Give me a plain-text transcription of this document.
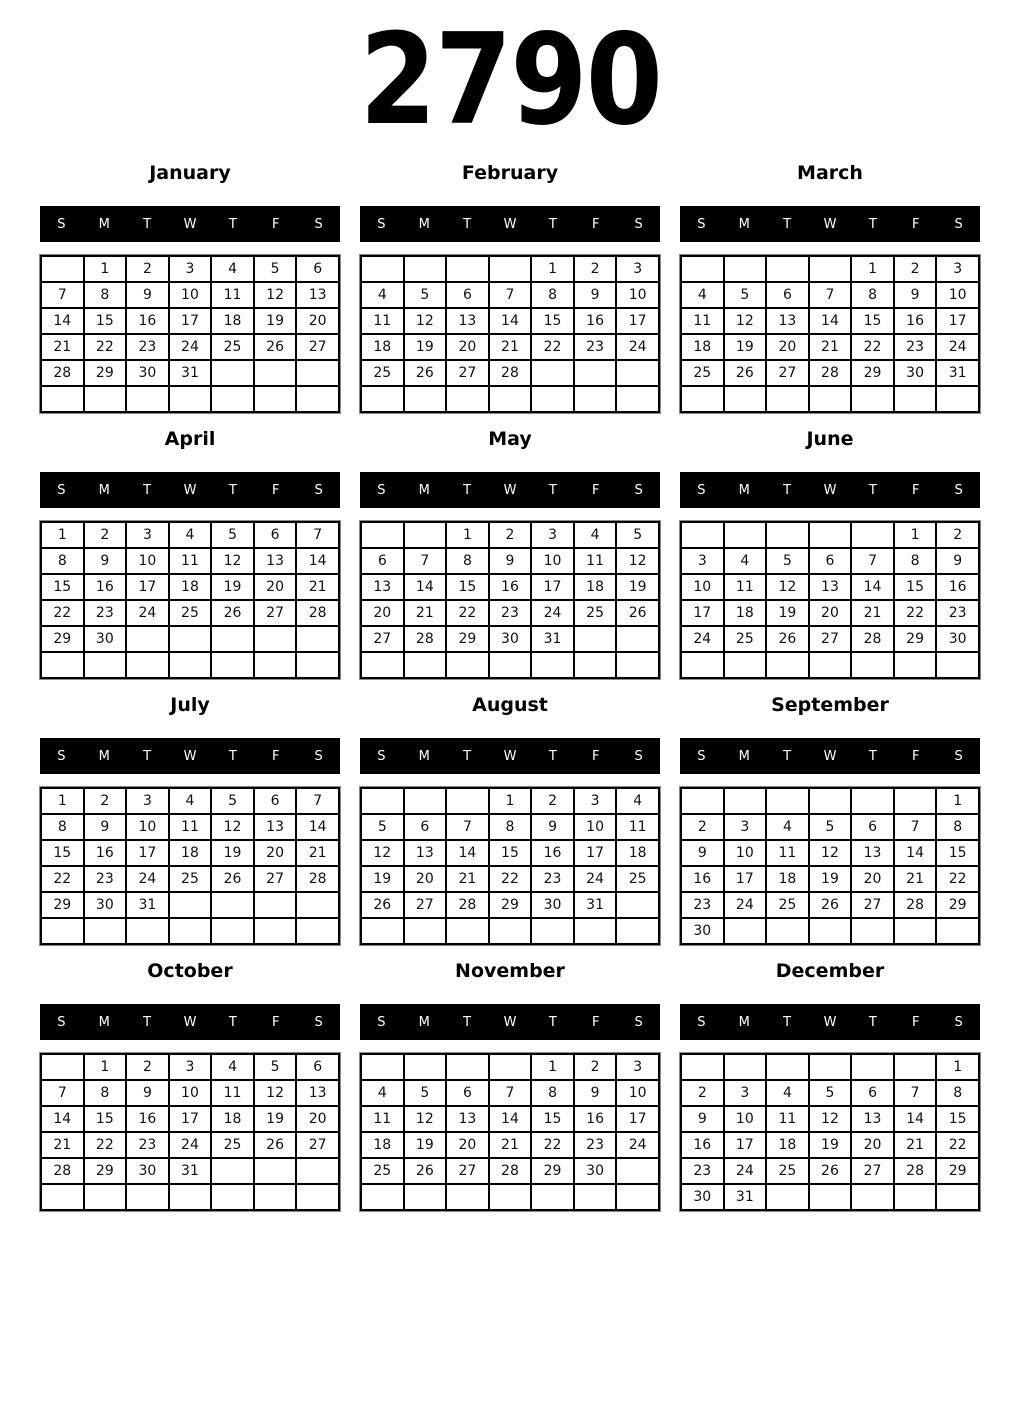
2790
January
S	M	T	W	T	F	S
	1	2	3	4	5	6
7	8	9	10	11	12	13
14	15	16	17	18	19	20
21	22	23	24	25	26	27
28	29	30	31			

February
S	M	T	W	T	F	S
				1	2	3
4	5	6	7	8	9	10
11	12	13	14	15	16	17
18	19	20	21	22	23	24
25	26	27	28			

March
S	M	T	W	T	F	S
				1	2	3
4	5	6	7	8	9	10
11	12	13	14	15	16	17
18	19	20	21	22	23	24
25	26	27	28	29	30	31

April
S	M	T	W	T	F	S
1	2	3	4	5	6	7
8	9	10	11	12	13	14
15	16	17	18	19	20	21
22	23	24	25	26	27	28
29	30					

May
S	M	T	W	T	F	S
		1	2	3	4	5
6	7	8	9	10	11	12
13	14	15	16	17	18	19
20	21	22	23	24	25	26
27	28	29	30	31		

June
S	M	T	W	T	F	S
					1	2
3	4	5	6	7	8	9
10	11	12	13	14	15	16
17	18	19	20	21	22	23
24	25	26	27	28	29	30

July
S	M	T	W	T	F	S
1	2	3	4	5	6	7
8	9	10	11	12	13	14
15	16	17	18	19	20	21
22	23	24	25	26	27	28
29	30	31				

August
S	M	T	W	T	F	S
			1	2	3	4
5	6	7	8	9	10	11
12	13	14	15	16	17	18
19	20	21	22	23	24	25
26	27	28	29	30	31	

September
S	M	T	W	T	F	S
						1
2	3	4	5	6	7	8
9	10	11	12	13	14	15
16	17	18	19	20	21	22
23	24	25	26	27	28	29
30						
October
S	M	T	W	T	F	S
	1	2	3	4	5	6
7	8	9	10	11	12	13
14	15	16	17	18	19	20
21	22	23	24	25	26	27
28	29	30	31			

November
S	M	T	W	T	F	S
				1	2	3
4	5	6	7	8	9	10
11	12	13	14	15	16	17
18	19	20	21	22	23	24
25	26	27	28	29	30	

December
S	M	T	W	T	F	S
						1
2	3	4	5	6	7	8
9	10	11	12	13	14	15
16	17	18	19	20	21	22
23	24	25	26	27	28	29
30	31					
